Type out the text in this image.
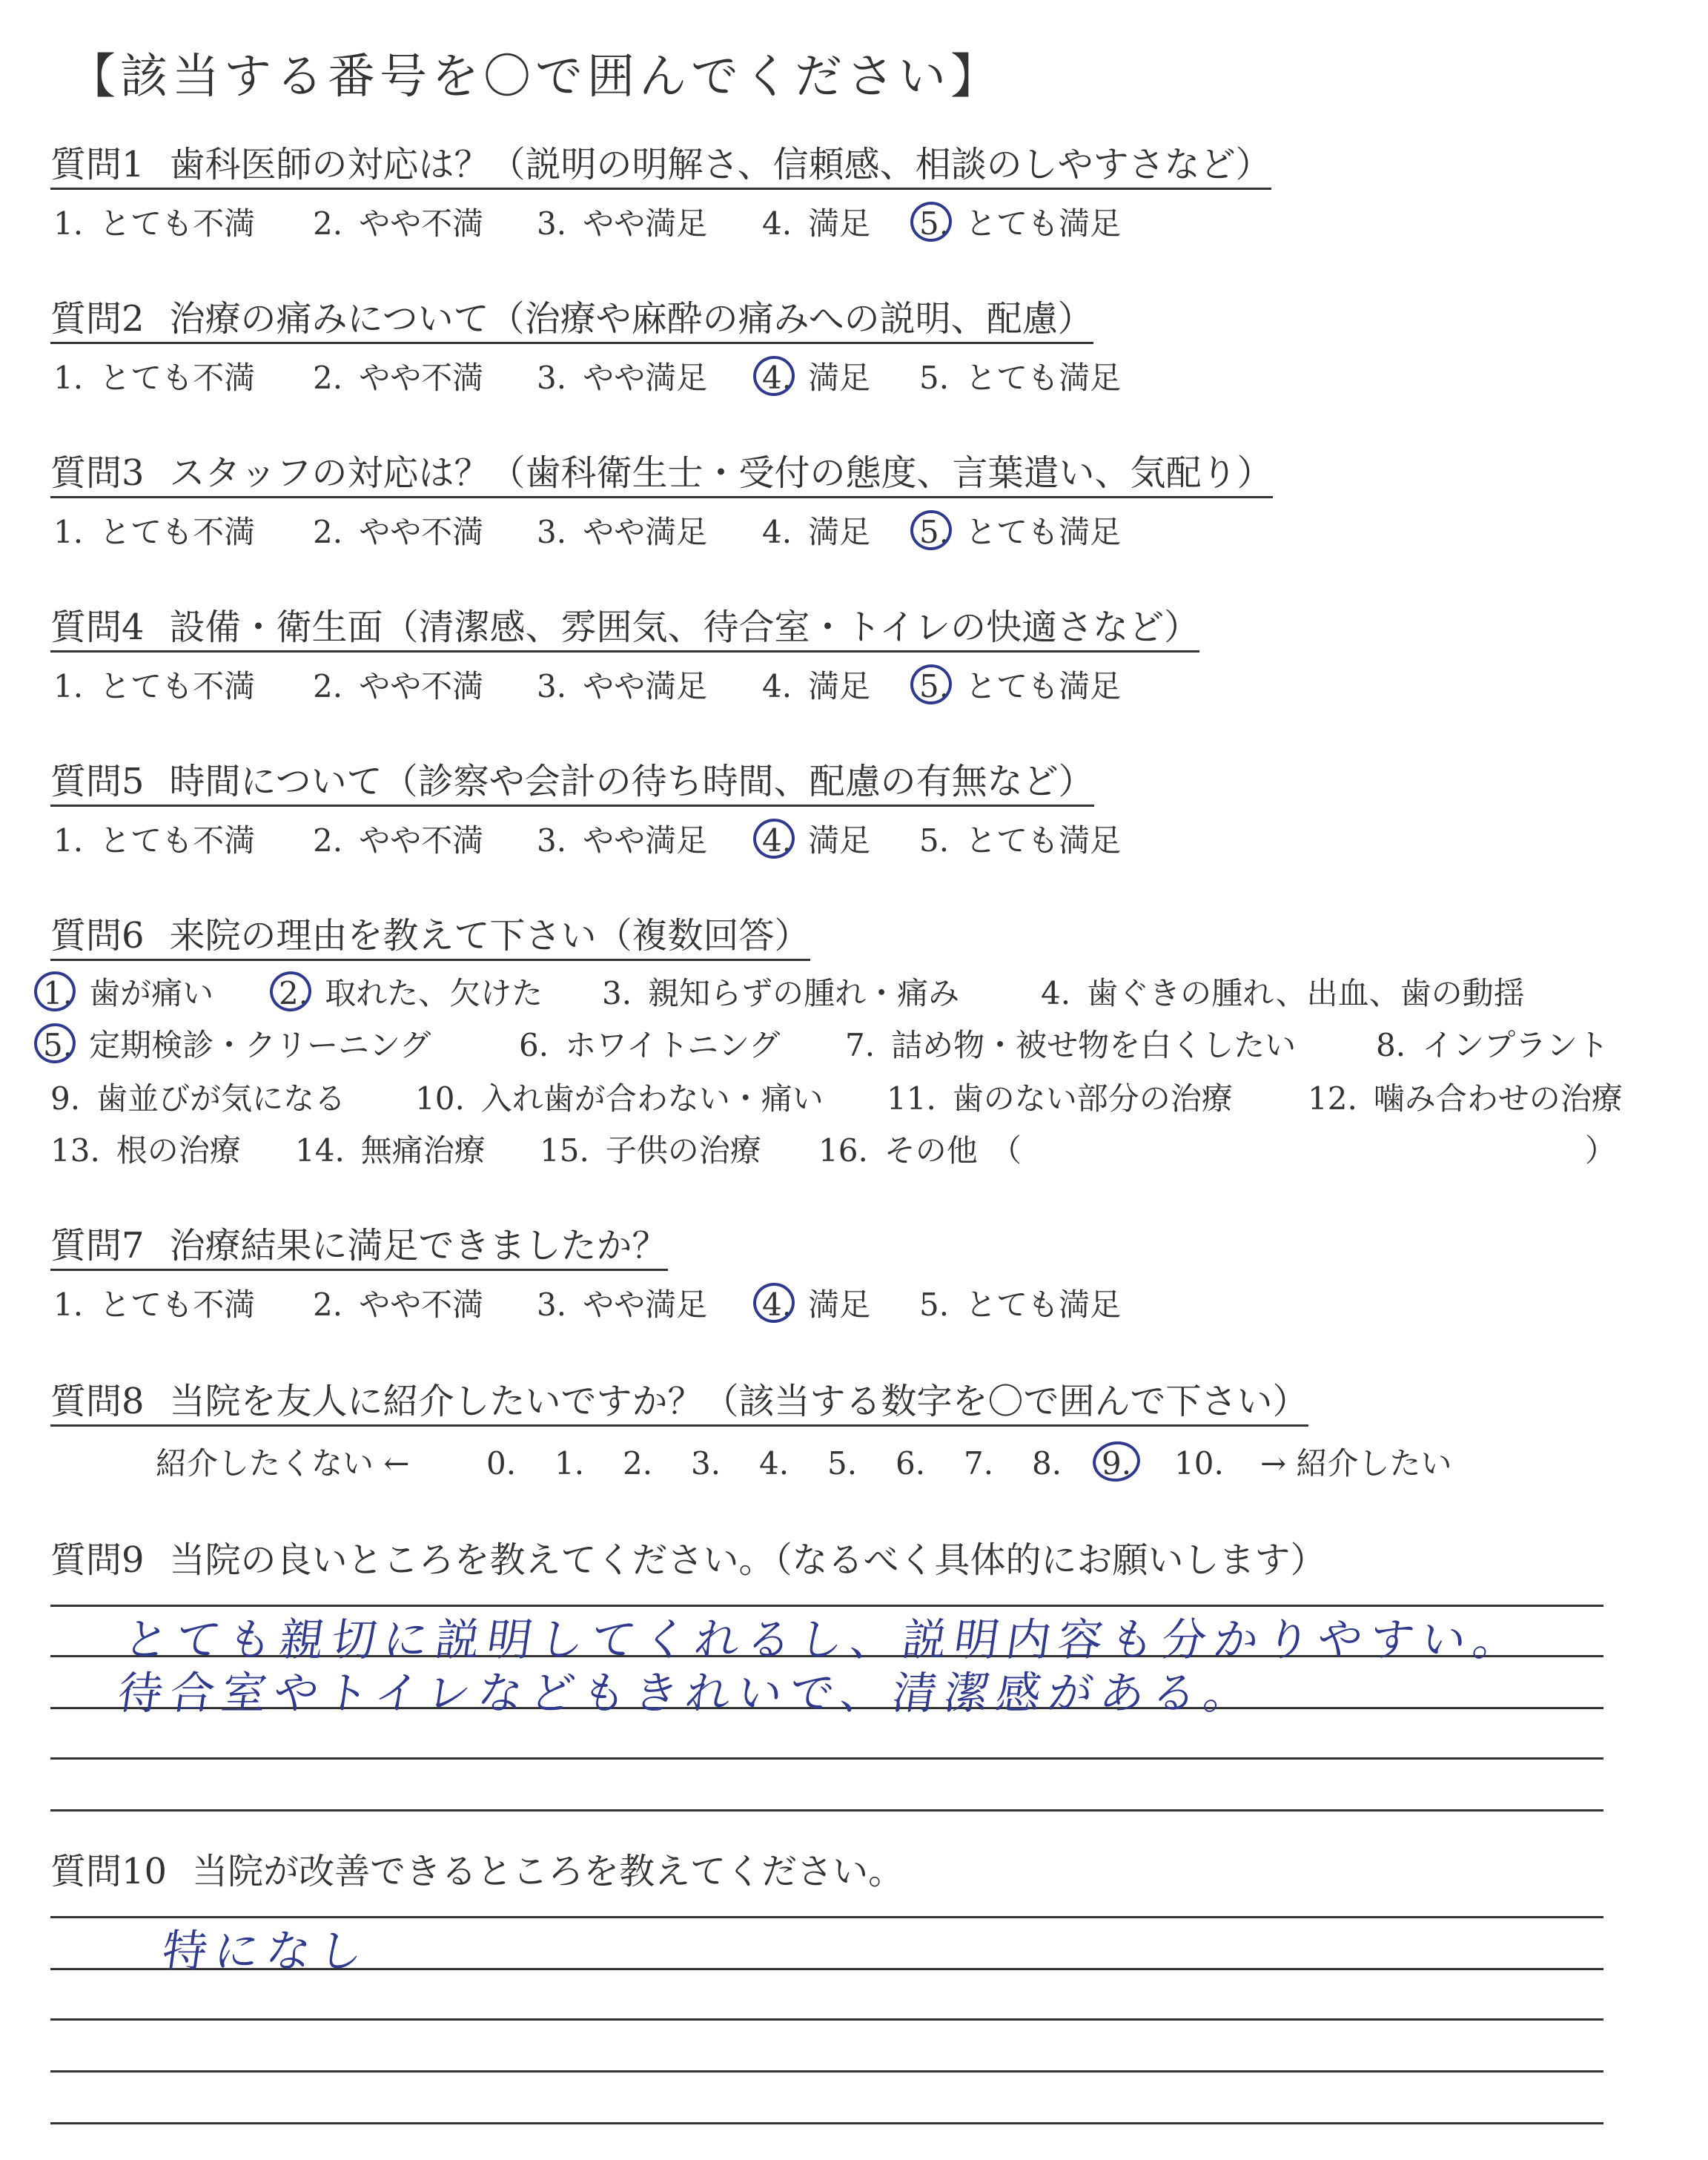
【該当する番号を〇で囲んでください】
質問1 歯科医師の対応は？（説明の明解さ、信頼感、相談のしやすさなど）
1. とても不満 2. やや不満 3. やや満足 4. 満足 5. とても満足
質問2 治療の痛みについて（治療や麻酔の痛みへの説明、配慮）
1. とても不満 2. やや不満 3. やや満足 4. 満足 5. とても満足
質問3 スタッフの対応は？（歯科衛生士・受付の態度、言葉遣い、気配り）
1. とても不満 2. やや不満 3. やや満足 4. 満足 5. とても満足
質問4 設備・衛生面（清潔感、雰囲気、待合室・トイレの快適さなど）
1. とても不満 2. やや不満 3. やや満足 4. 満足 5. とても満足
質問5 時間について（診察や会計の待ち時間、配慮の有無など）
1. とても不満 2. やや不満 3. やや満足 4. 満足 5. とても満足
質問6 来院の理由を教えて下さい（複数回答）
1. 歯が痛い 2. 取れた、欠けた 3. 親知らずの腫れ・痛み	4. 歯ぐきの腫れ、出血、歯の動揺
5. 定期検診・クリーニング	6. ホワイトニング 7. 詰め物・被せ物を白くしたい	8. インプラント
9. 歯並びが気になる 10. 入れ歯が合わない・痛い 11. 歯のない部分の治療 12. 噛み合わせの治療
13. 根の治療 14. 無痛治療 15. 子供の治療 16. その他 （	）
質問7 治療結果に満足できましたか？
1. とても不満 2. やや不満 3. やや満足 4. 満足 5. とても満足
質問8 当院を友人に紹介したいですか？（該当する数字を〇で囲んで下さい）
紹介したくない ← 0. 1. 2. 3. 4. 5. 6. 7. 8. 9.	10. → 紹介したい
質問9 当院の良いところを教えてください。（なるべく具体的にお願いします）
とても親切に説明してくれるし、説明内容も分かりやすい。
待合室やトイレなどもきれいで、清潔感がある。
質問10 当院が改善できるところを教えてください。
特になし
